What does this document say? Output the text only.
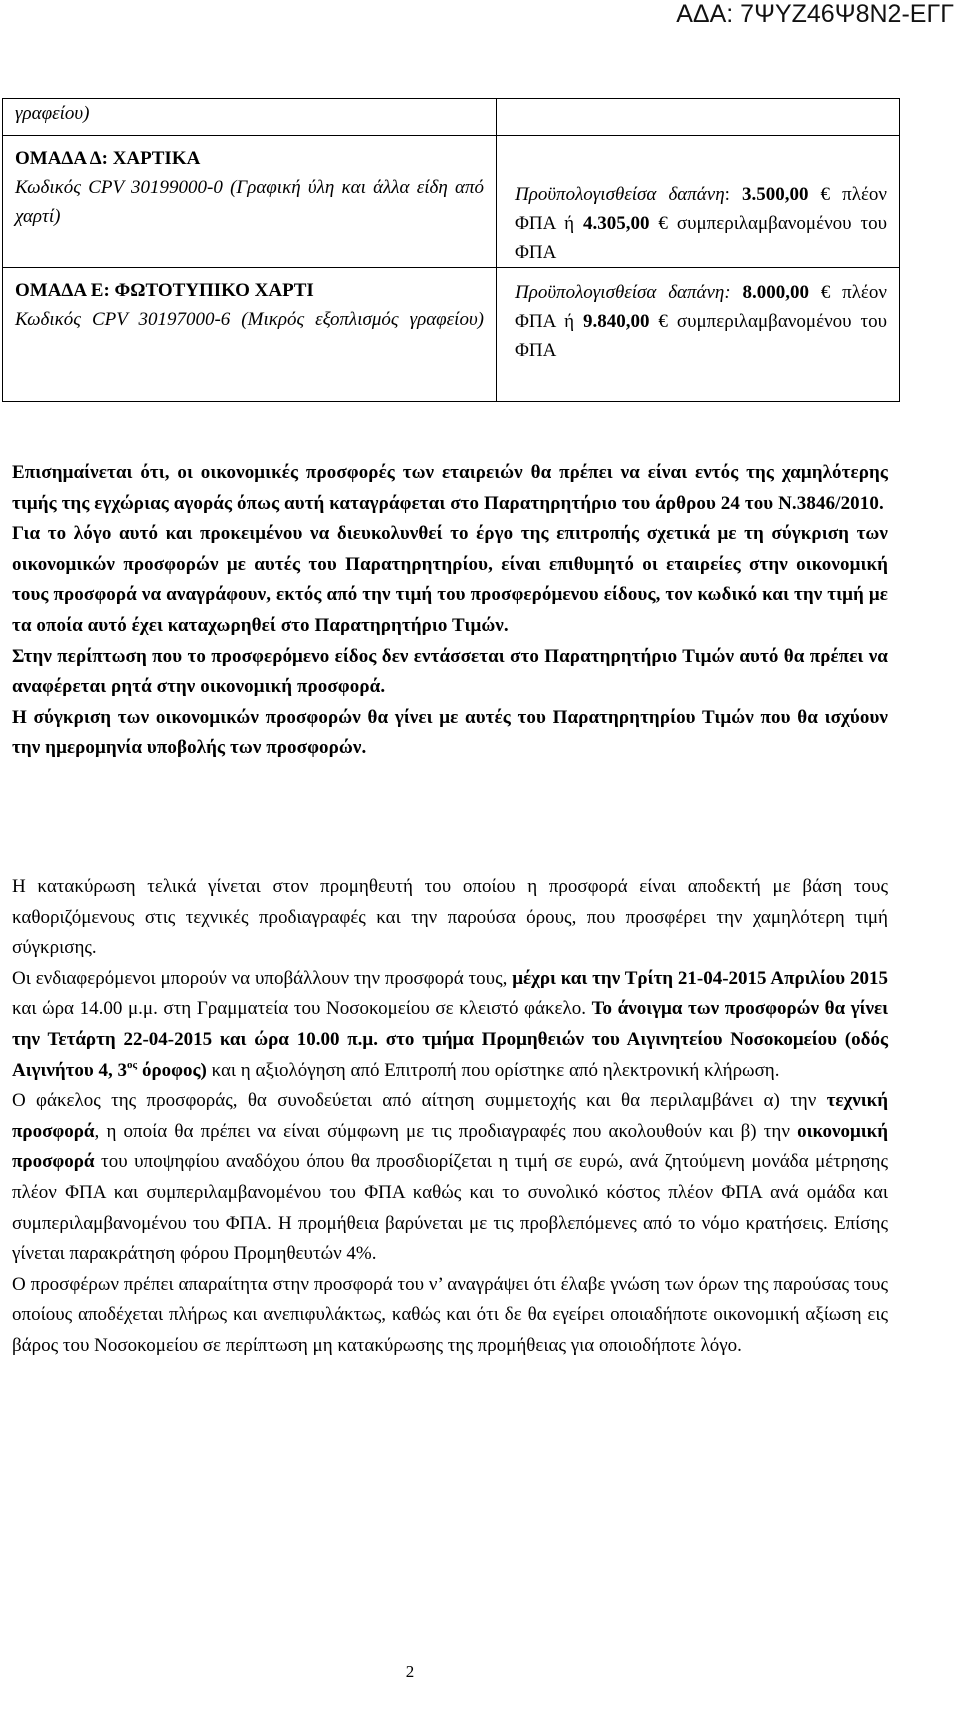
ΑΔΑ: 7ΨΥΖ46Ψ8Ν2-ΕΓΓ
γραφείου)	

ΟΜΑΔΑ Δ: ΧΑΡΤΙΚΑ
Κωδικός CPV 30199000-0 (Γραφική ύλη και άλλα είδη από χαρτί)	Προϋπολογισθείσα δαπάνη: 3.500,00 € πλέον ΦΠΑ ή 4.305,00 € συμπεριλαμβανομένου του ΦΠΑ

ΟΜΑΔΑ Ε: ΦΩΤΟΤΥΠΙΚΟ ΧΑΡΤΙ
Κωδικός CPV 30197000-6 (Μικρός εξοπλισμός γραφείου)	Προϋπολογισθείσα δαπάνη: 8.000,00 € πλέον ΦΠΑ ή 9.840,00 € συμπεριλαμβανομένου του ΦΠΑ

Επισημαίνεται ότι, οι οικονομικές προσφορές των εταιρειών θα πρέπει να είναι εντός της χαμηλότερης τιμής της εγχώριας αγοράς όπως αυτή καταγράφεται στο Παρατηρητήριο του άρθρου 24 του Ν.3846/2010.

Για το λόγο αυτό και προκειμένου να διευκολυνθεί το έργο της επιτροπής σχετικά με τη σύγκριση των οικονομικών προσφορών με αυτές του Παρατηρητηρίου, είναι επιθυμητό οι εταιρείες στην οικονομική τους προσφορά να αναγράφουν, εκτός από την τιμή του προσφερόμενου είδους, τον κωδικό και την τιμή με τα οποία αυτό έχει καταχωρηθεί στο Παρατηρητήριο Τιμών.

Στην περίπτωση που το προσφερόμενο είδος δεν εντάσσεται στο Παρατηρητήριο Τιμών αυτό θα πρέπει να αναφέρεται ρητά στην οικονομική προσφορά.

Η σύγκριση των οικονομικών προσφορών θα γίνει με αυτές του Παρατηρητηρίου Τιμών που θα ισχύουν την ημερομηνία υποβολής των προσφορών.

Η κατακύρωση τελικά γίνεται στον προμηθευτή του οποίου η προσφορά είναι αποδεκτή με βάση τους καθοριζόμενους στις τεχνικές προδιαγραφές και την παρούσα όρους, που προσφέρει την χαμηλότερη τιμή σύγκρισης.

Οι ενδιαφερόμενοι μπορούν να υποβάλλουν την προσφορά τους, μέχρι και την Τρίτη 21-04-2015 Απριλίου 2015 και ώρα 14.00 μ.μ. στη Γραμματεία του Νοσοκομείου σε κλειστό φάκελο. Το άνοιγμα των προσφορών θα γίνει την Τετάρτη 22-04-2015 και ώρα 10.00 π.μ. στο τμήμα Προμηθειών του Αιγινητείου Νοσοκομείου (οδός Αιγινήτου 4, $3^{o\varsigma}$ όροφος) και η αξιολόγηση από Επιτροπή που ορίστηκε από ηλεκτρονική κλήρωση.

Ο φάκελος της προσφοράς, θα συνοδεύεται από αίτηση συμμετοχής και θα περιλαμβάνει α) την τεχνική προσφορά, η οποία θα πρέπει να είναι σύμφωνη με τις προδιαγραφές που ακολουθούν και β) την οικονομική προσφορά του υποψηφίου αναδόχου όπου θα προσδιορίζεται η τιμή σε ευρώ, ανά ζητούμενη μονάδα μέτρησης πλέον ΦΠΑ και συμπεριλαμβανομένου του ΦΠΑ καθώς και το συνολικό κόστος πλέον ΦΠΑ ανά ομάδα και συμπεριλαμβανομένου του ΦΠΑ. Η προμήθεια βαρύνεται με τις προβλεπόμενες από το νόμο κρατήσεις. Επίσης γίνεται παρακράτηση φόρου Προμηθευτών 4%.

Ο προσφέρων πρέπει απαραίτητα στην προσφορά του ν’ αναγράψει ότι έλαβε γνώση των όρων της παρούσας τους οποίους αποδέχεται πλήρως και ανεπιφυλάκτως, καθώς και ότι δε θα εγείρει οποιαδήποτε οικονομική αξίωση εις βάρος του Νοσοκομείου σε περίπτωση μη κατακύρωσης της προμήθειας για οποιοδήποτε λόγο.

2
